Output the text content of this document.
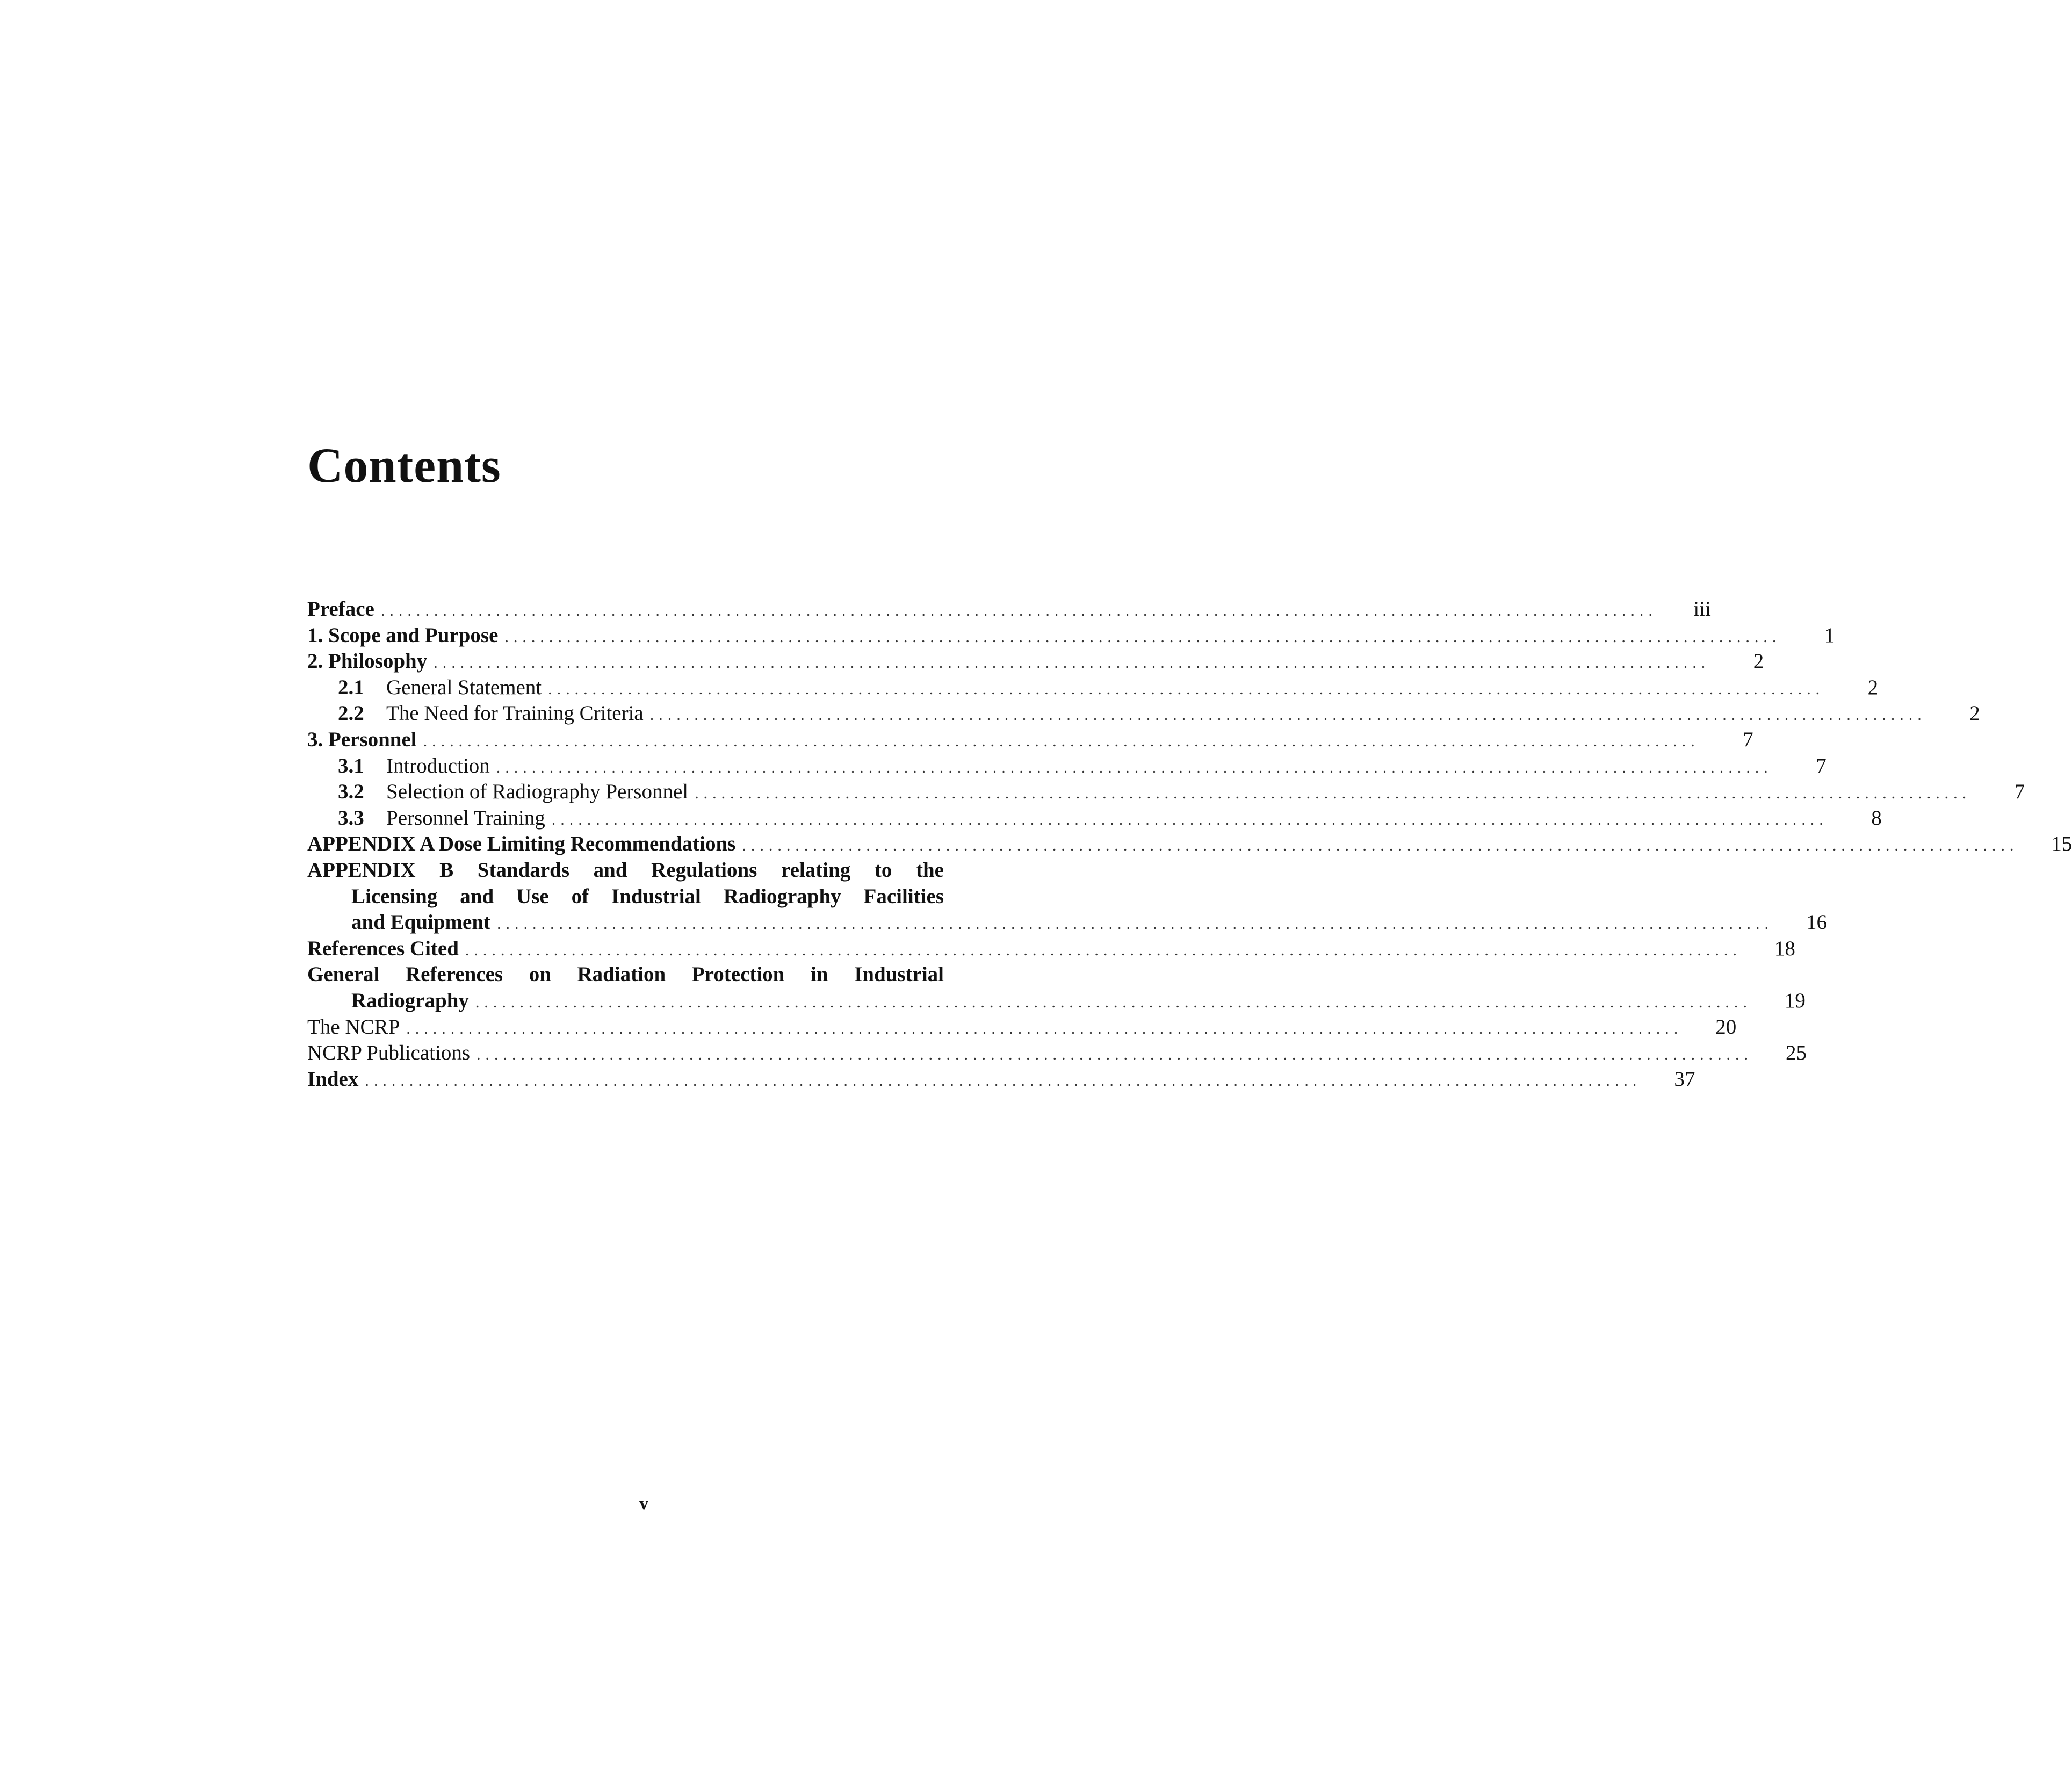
Contents
Preface ................................................................................................................................................	iii
1. Scope and Purpose ................................................................................................................................................	1
2. Philosophy ................................................................................................................................................	2
2.1 General Statement ................................................................................................................................................	2
2.2 The Need for Training Criteria ................................................................................................................................................	2
3. Personnel ................................................................................................................................................	7
3.1 Introduction ................................................................................................................................................	7
3.2 Selection of Radiography Personnel ................................................................................................................................................	7
3.3 Personnel Training ................................................................................................................................................	8
APPENDIX A Dose Limiting Recommendations ................................................................................................................................................	15
APPENDIX B Standards and Regulations relating to the
Licensing and Use of Industrial Radiography Facilities
and Equipment ................................................................................................................................................	16
References Cited ................................................................................................................................................	18
General References on Radiation Protection in Industrial
Radiography ................................................................................................................................................	19
The NCRP ................................................................................................................................................	20
NCRP Publications ................................................................................................................................................	25
Index ................................................................................................................................................	37
v
